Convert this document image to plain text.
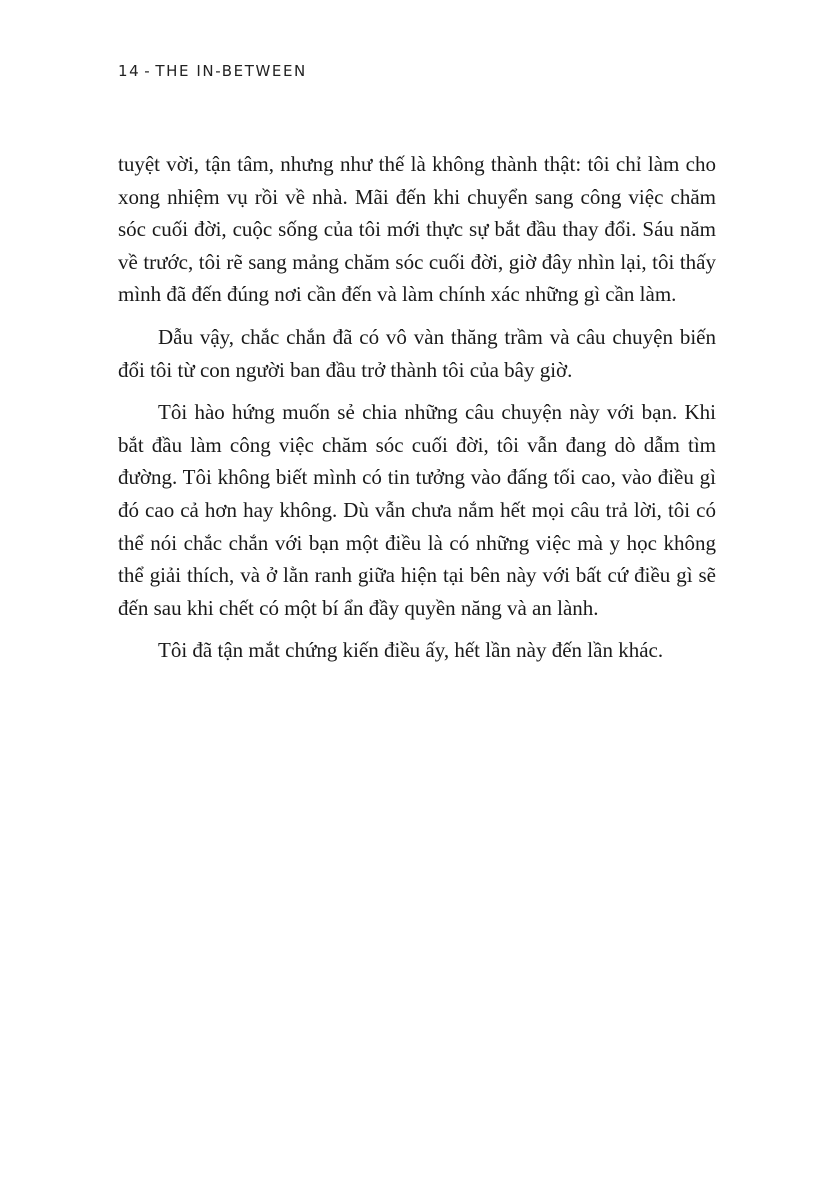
14 - THE IN-BETWEEN

tuyệt vời, tận tâm, nhưng như thế là không thành thật: tôi chỉ làm cho xong nhiệm vụ rồi về nhà. Mãi đến khi chuyển sang công việc chăm sóc cuối đời, cuộc sống của tôi mới thực sự bắt đầu thay đổi. Sáu năm về trước, tôi rẽ sang mảng chăm sóc cuối đời, giờ đây nhìn lại, tôi thấy mình đã đến đúng nơi cần đến và làm chính xác những gì cần làm.

Dẫu vậy, chắc chắn đã có vô vàn thăng trầm và câu chuyện biến đổi tôi từ con người ban đầu trở thành tôi của bây giờ.

Tôi hào hứng muốn sẻ chia những câu chuyện này với bạn. Khi bắt đầu làm công việc chăm sóc cuối đời, tôi vẫn đang dò dẫm tìm đường. Tôi không biết mình có tin tưởng vào đấng tối cao, vào điều gì đó cao cả hơn hay không. Dù vẫn chưa nắm hết mọi câu trả lời, tôi có thể nói chắc chắn với bạn một điều là có những việc mà y học không thể giải thích, và ở lằn ranh giữa hiện tại bên này với bất cứ điều gì sẽ đến sau khi chết có một bí ẩn đầy quyền năng và an lành.

Tôi đã tận mắt chứng kiến điều ấy, hết lần này đến lần khác.
